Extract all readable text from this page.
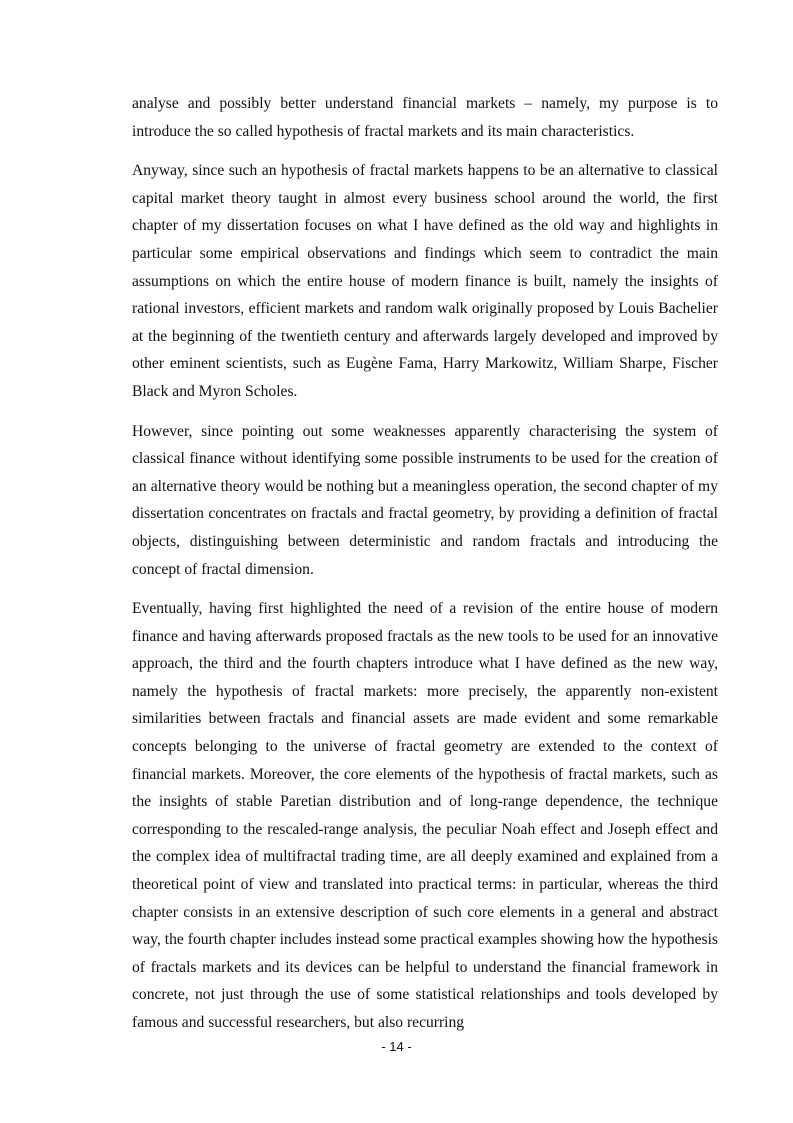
analyse and possibly better understand financial markets – namely, my purpose is to introduce the so called hypothesis of fractal markets and its main characteristics.

Anyway, since such an hypothesis of fractal markets happens to be an alternative to classical capital market theory taught in almost every business school around the world, the first chapter of my dissertation focuses on what I have defined as the old way and highlights in particular some empirical observations and findings which seem to contradict the main assumptions on which the entire house of modern finance is built, namely the insights of rational investors, efficient markets and random walk originally proposed by Louis Bachelier at the beginning of the twentieth century and afterwards largely developed and improved by other eminent scientists, such as Eugène Fama, Harry Markowitz, William Sharpe, Fischer Black and Myron Scholes.

However, since pointing out some weaknesses apparently characterising the system of classical finance without identifying some possible instruments to be used for the creation of an alternative theory would be nothing but a meaningless operation, the second chapter of my dissertation concentrates on fractals and fractal geometry, by providing a definition of fractal objects, distinguishing between deterministic and random fractals and introducing the concept of fractal dimension.

Eventually, having first highlighted the need of a revision of the entire house of modern finance and having afterwards proposed fractals as the new tools to be used for an innovative approach, the third and the fourth chapters introduce what I have defined as the new way, namely the hypothesis of fractal markets: more precisely, the apparently non-existent similarities between fractals and financial assets are made evident and some remarkable concepts belonging to the universe of fractal geometry are extended to the context of financial markets. Moreover, the core elements of the hypothesis of fractal markets, such as the insights of stable Paretian distribution and of long-range dependence, the technique corresponding to the rescaled-range analysis, the peculiar Noah effect and Joseph effect and the complex idea of multifractal trading time, are all deeply examined and explained from a theoretical point of view and translated into practical terms: in particular, whereas the third chapter consists in an extensive description of such core elements in a general and abstract way, the fourth chapter includes instead some practical examples showing how the hypothesis of fractals markets and its devices can be helpful to understand the financial framework in concrete, not just through the use of some statistical relationships and tools developed by famous and successful researchers, but also recurring

- 14 -
